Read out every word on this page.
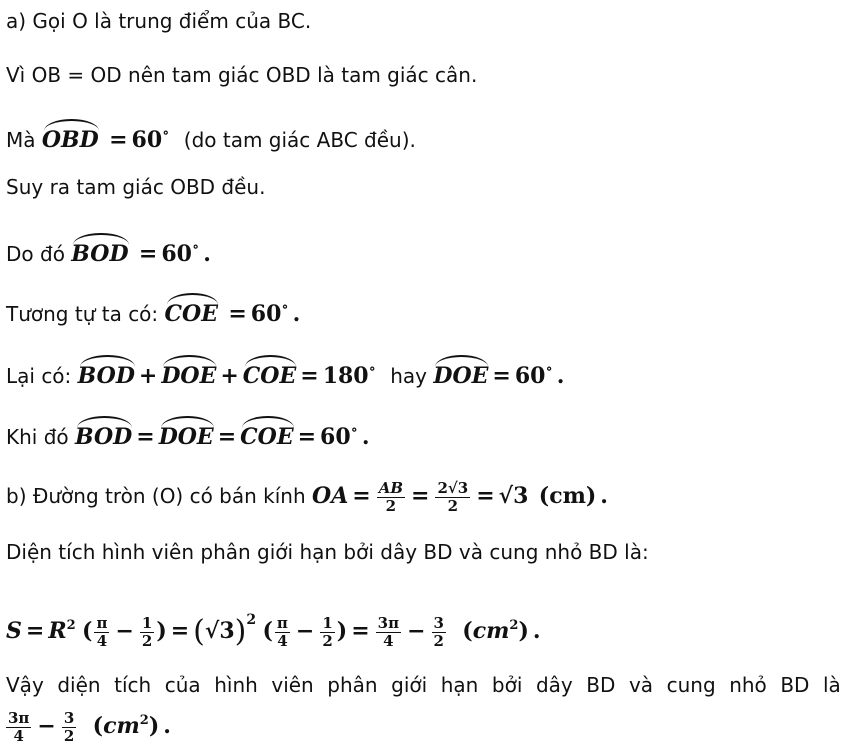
a) Gọi O là trung điểm của BC.
Vì OB = OD nên tam giác OBD là tam giác cân.
Mà OBD = 60∘ (do tam giác ABC đều).
Suy ra tam giác OBD đều.
Do đó BOD = 60∘ .
Tương tự ta có: COE = 60∘ .
Lại có: BOD + DOE + COE = 180∘ hay DOE = 60∘ .
Khi đó BOD = DOE = COE = 60∘ .
b) Đường tròn (O) có bán kính OA = $\frac{AB}{2} = \frac{2√3}{2} = √3$ (cm) .
Diện tích hình viên phân giới hạn bởi dây BD và cung nhỏ BD là:
$S = R^2$ ( $\frac{\pi}{4} - \frac{1}{2}$ ) = $(√3)^2$ ( $\frac{\pi}{4} - \frac{1}{2}$ ) = $\frac{3\pi}{4} - \frac{3}{2} (cm^2)$ .
Vậy diện tích của hình viên phân giới hạn bởi dây BD và cung nhỏ BD là
$\frac{3\pi}{4} - \frac{3}{2} (cm^2)$ .
